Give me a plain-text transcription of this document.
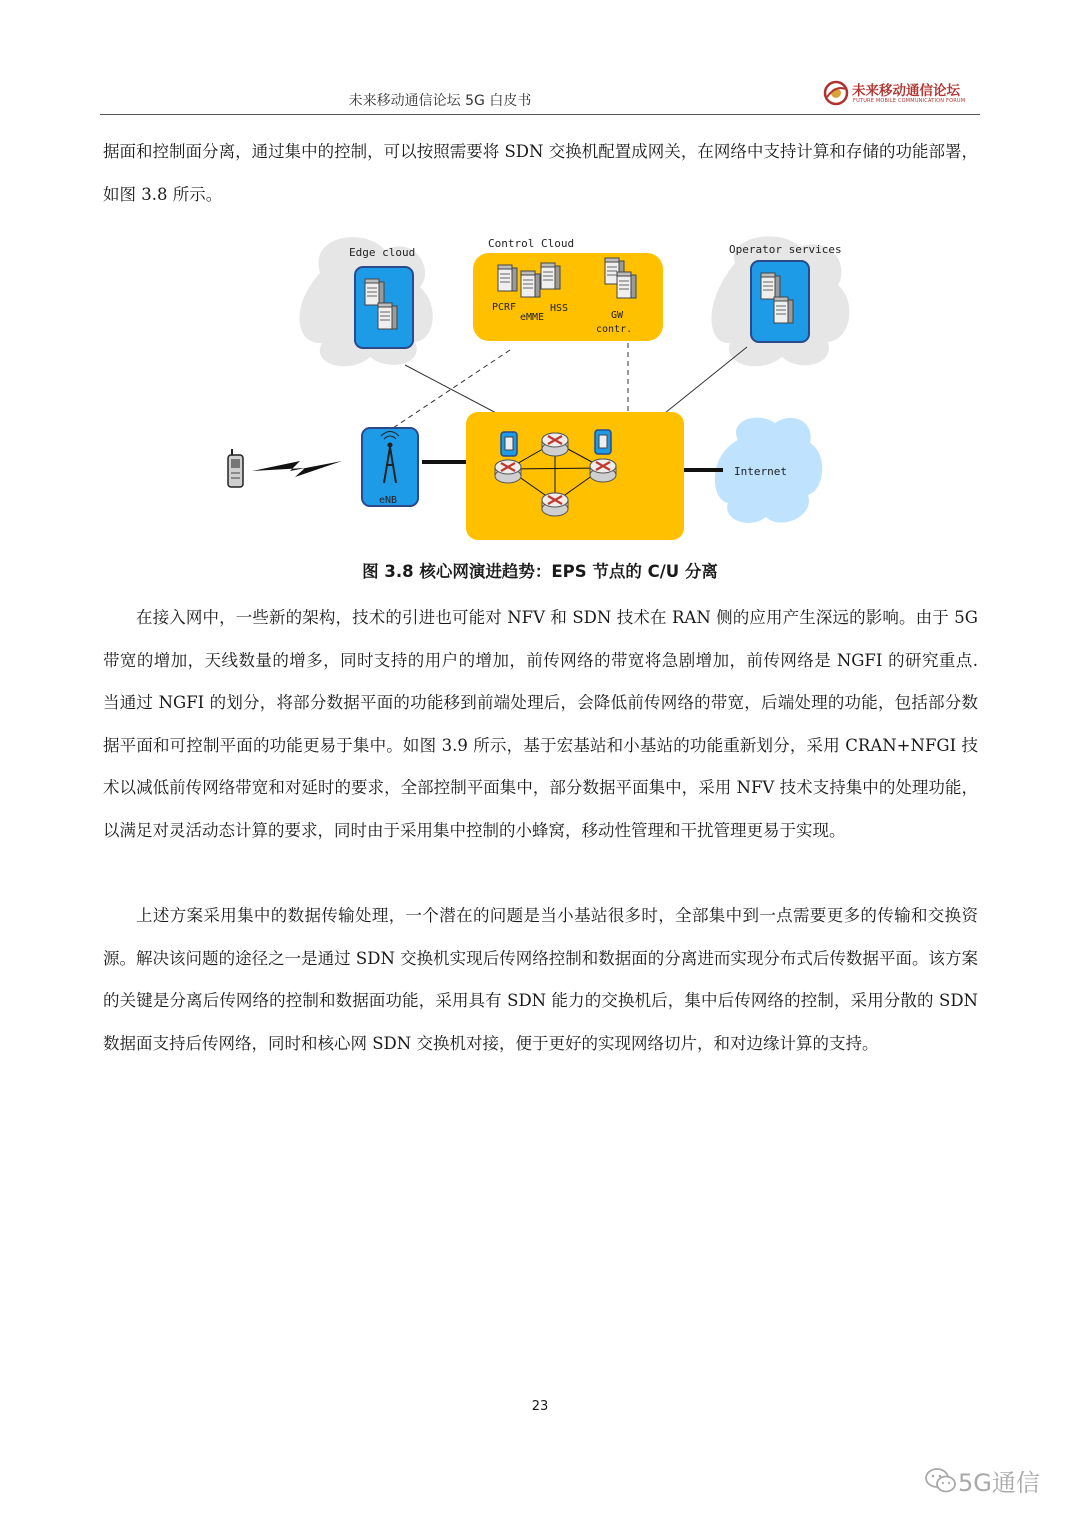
未来移动通信论坛 5G 白皮书
未来移动通信论坛
FUTURE MOBILE COMMUNICATION FORUM

据面和控制面分离，通过集中的控制，可以按照需要将 SDN 交换机配置成网关，在网络中支持计算和存储的功能部署，如图 3.8 所示。

Edge cloud
Control Cloud	Operator services
PCRF
eMME
HSS
GW
contr.
eNB
Internet
图 3.8 核心网演进趋势：EPS 节点的 C/U 分离

在接入网中，一些新的架构，技术的引进也可能对 NFV 和 SDN 技术在 RAN 侧的应用产生深远的影响。由于 5G 带宽的增加，天线数量的增多，同时支持的用户的增加，前传网络的带宽将急剧增加，前传网络是 NGFI 的研究重点. 当通过 NGFI 的划分，将部分数据平面的功能移到前端处理后，会降低前传网络的带宽，后端处理的功能，包括部分数据平面和可控制平面的功能更易于集中。如图 3.9 所示，基于宏基站和小基站的功能重新划分，采用 CRAN+NFGI 技术以减低前传网络带宽和对延时的要求，全部控制平面集中，部分数据平面集中，采用 NFV 技术支持集中的处理功能，以满足对灵活动态计算的要求，同时由于采用集中控制的小蜂窝，移动性管理和干扰管理更易于实现。

上述方案采用集中的数据传输处理，一个潜在的问题是当小基站很多时，全部集中到一点需要更多的传输和交换资源。解决该问题的途径之一是通过 SDN 交换机实现后传网络控制和数据面的分离进而实现分布式后传数据平面。该方案的关键是分离后传网络的控制和数据面功能，采用具有 SDN 能力的交换机后，集中后传网络的控制，采用分散的 SDN 数据面支持后传网络，同时和核心网 SDN 交换机对接，便于更好的实现网络切片，和对边缘计算的支持。

23
5G通信
